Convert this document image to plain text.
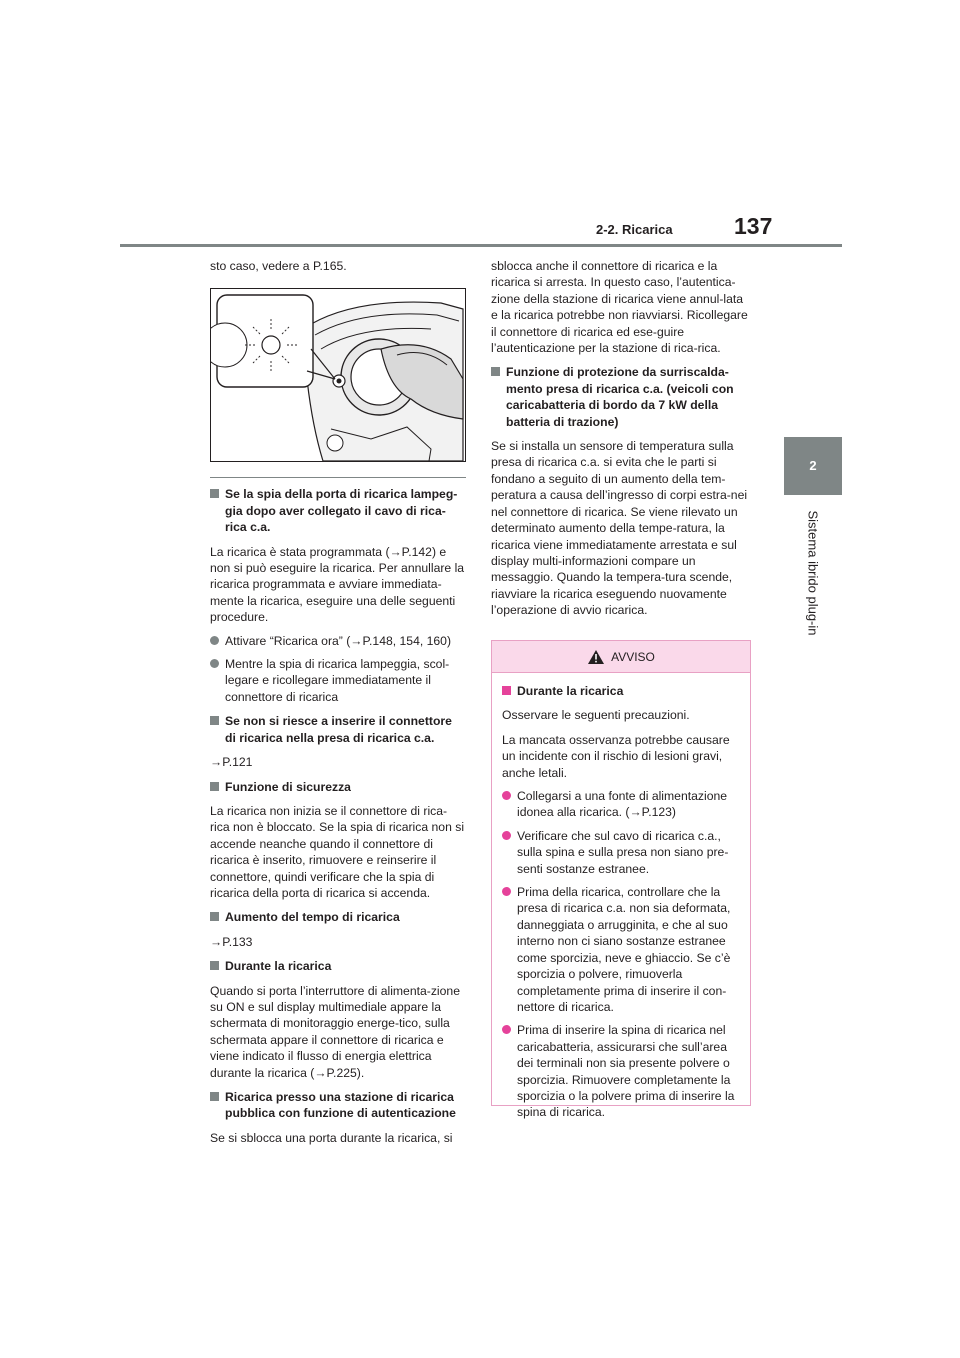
2-2. Ricarica	137
2
Sistema ibrido plug-in

sto caso, vedere a P.165.

Se la spia della porta di ricarica lampeg-gia dopo aver collegato il cavo di rica-rica c.a.

La ricarica è stata programmata (→P.142) e non si può eseguire la ricarica. Per annullare la ricarica programmata e avviare immediata-mente la ricarica, eseguire una delle seguenti procedure.

Attivare “Ricarica ora” (→P.148, 154, 160)

Mentre la spia di ricarica lampeggia, scol-legare e ricollegare immediatamente il connettore di ricarica

Se non si riesce a inserire il connettore di ricarica nella presa di ricarica c.a.

→P.121

Funzione di sicurezza

La ricarica non inizia se il connettore di rica-rica non è bloccato. Se la spia di ricarica non si accende neanche quando il connettore di ricarica è inserito, rimuovere e reinserire il connettore, quindi verificare che la spia di ricarica della porta di ricarica si accenda.

Aumento del tempo di ricarica

→P.133

Durante la ricarica

Quando si porta l’interruttore di alimenta-zione su ON e sul display multimediale appare la schermata di monitoraggio energe-tico, sulla schermata appare il connettore di ricarica e viene indicato il flusso di energia elettrica durante la ricarica (→P.225).

Ricarica presso una stazione di ricarica pubblica con funzione di autenticazione

Se si sblocca una porta durante la ricarica, si

sblocca anche il connettore di ricarica e la ricarica si arresta. In questo caso, l’autentica-zione della stazione di ricarica viene annul-lata e la ricarica potrebbe non riavviarsi. Ricollegare il connettore di ricarica ed ese-guire l’autenticazione per la stazione di rica-rica.

Funzione di protezione da surriscalda-mento presa di ricarica c.a. (veicoli con caricabatteria di bordo da 7 kW della batteria di trazione)

Se si installa un sensore di temperatura sulla presa di ricarica c.a. si evita che le parti si fondano a seguito di un aumento della tem-peratura a causa dell’ingresso di corpi estra-nei nel connettore di ricarica. Se viene rilevato un determinato aumento della tempe-ratura, la ricarica viene immediatamente arrestata e sul display multi-informazioni compare un messaggio. Quando la tempera-tura scende, riavviare la ricarica eseguendo nuovamente l’operazione di avvio ricarica.

AVVISO

Durante la ricarica

Osservare le seguenti precauzioni.

La mancata osservanza potrebbe causare un incidente con il rischio di lesioni gravi, anche letali.

Collegarsi a una fonte di alimentazione idonea alla ricarica. (→P.123)

Verificare che sul cavo di ricarica c.a., sulla spina e sulla presa non siano pre-senti sostanze estranee.

Prima della ricarica, controllare che la presa di ricarica c.a. non sia deformata, danneggiata o arrugginita, e che al suo interno non ci siano sostanze estranee come sporcizia, neve e ghiaccio. Se c’è sporcizia o polvere, rimuoverla completamente prima di inserire il con-nettore di ricarica.

Prima di inserire la spina di ricarica nel caricabatteria, assicurarsi che sull’area dei terminali non sia presente polvere o sporcizia. Rimuovere completamente la sporcizia o la polvere prima di inserire la spina di ricarica.
